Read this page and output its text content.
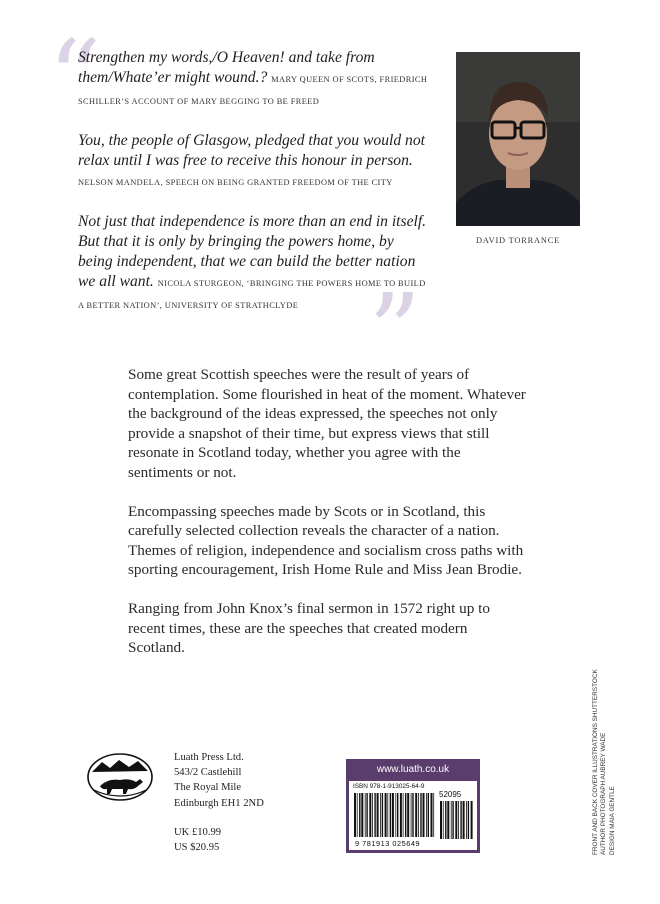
“
”

Strengthen my words,/O Heaven! and take from them/Whate’er might wound.? MARY QUEEN OF SCOTS, FRIEDRICH SCHILLER’S ACCOUNT OF MARY BEGGING TO BE FREED

You, the people of Glasgow, pledged that you would not relax until I was free to receive this honour in person. NELSON MANDELA, SPEECH ON BEING GRANTED FREEDOM OF THE CITY

Not just that independence is more than an end in itself. But that it is only by bringing the powers home, by being independent, that we can build the better nation we all want. NICOLA STURGEON, ‘BRINGING THE POWERS HOME TO BUILD A BETTER NATION’, UNIVERSITY OF STRATHCLYDE

DAVID TORRANCE

Some great Scottish speeches were the result of years of contemplation. Some flourished in heat of the moment. Whatever the background of the ideas expressed, the speeches not only provide a snapshot of their time, but express views that still resonate in Scotland today, whether you agree with the sentiments or not.

Encompassing speeches made by Scots or in Scotland, this carefully selected collection reveals the character of a nation. Themes of religion, independence and socialism cross paths with sporting encouragement, Irish Home Rule and Miss Jean Brodie.

Ranging from John Knox’s final sermon in 1572 right up to recent times, these are the speeches that created modern Scotland.

Luath Press Ltd.
543/2 Castlehill
The Royal Mile
Edinburgh EH1 2ND
UK £10.99
US $20.95
www.luath.co.uk
ISBN 978-1-913025-64-9
52095
9 781913 025649	FRONT AND BACK COVER ILLUSTRATIONS SHUTTERSTOCK AUTHOR PHOTOGRAPH AUBREY WADE DESIGN MAIA GENTLE
